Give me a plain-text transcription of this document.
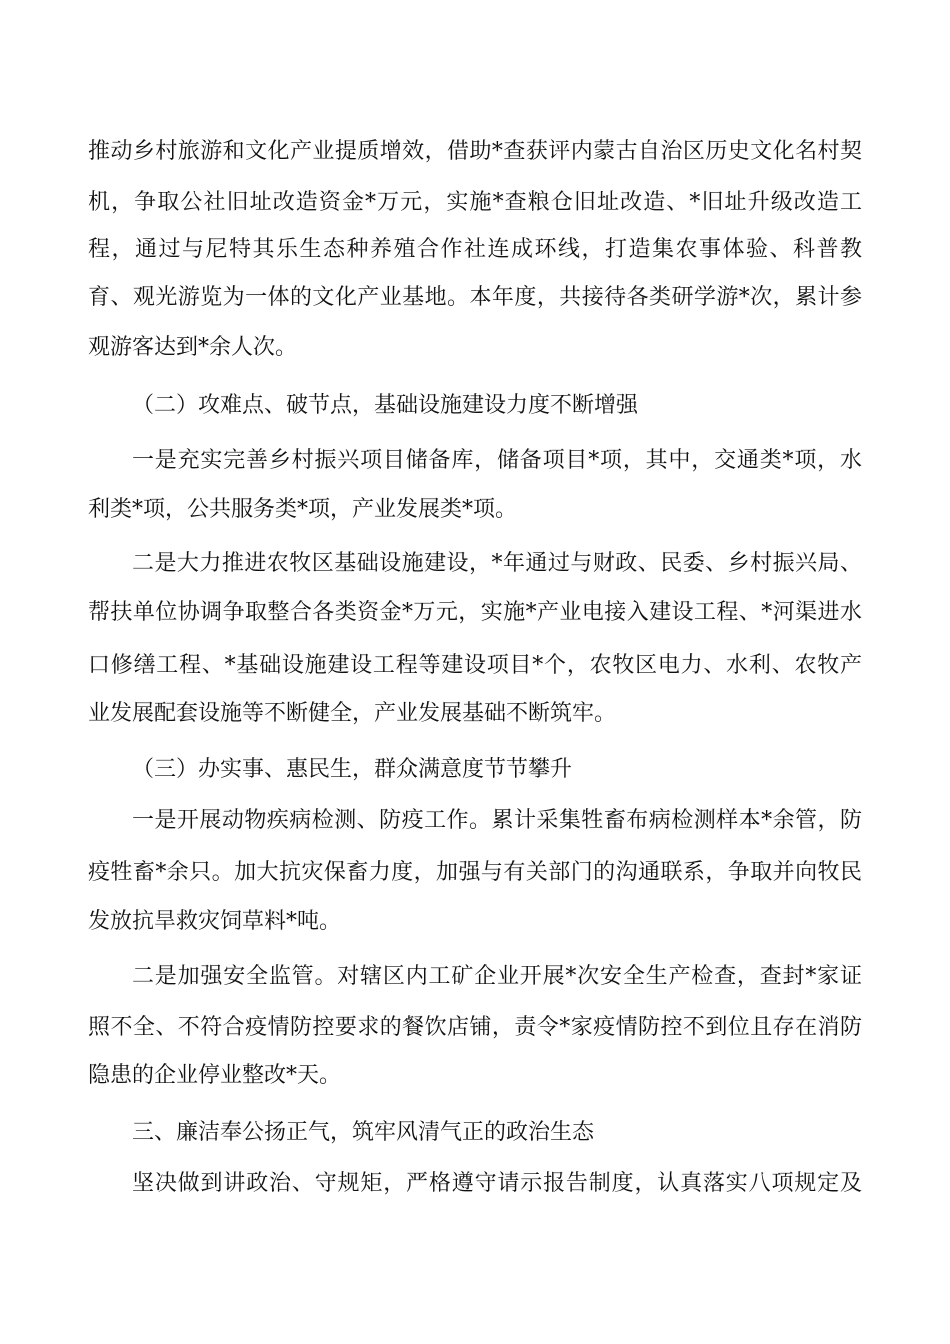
推动乡村旅游和文化产业提质增效，借助*查获评内蒙古自治区历史文化名村契
机，争取公社旧址改造资金*万元，实施*查粮仓旧址改造、*旧址升级改造工
程，通过与尼特其乐生态种养殖合作社连成环线，打造集农事体验、科普教
育、观光游览为一体的文化产业基地。本年度，共接待各类研学游*次，累计参
观游客达到*余人次。
（二）攻难点、破节点，基础设施建设力度不断增强
一是充实完善乡村振兴项目储备库，储备项目*项，其中，交通类*项，水
利类*项，公共服务类*项，产业发展类*项。
二是大力推进农牧区基础设施建设，*年通过与财政、民委、乡村振兴局、
帮扶单位协调争取整合各类资金*万元，实施*产业电接入建设工程、*河渠进水
口修缮工程、*基础设施建设工程等建设项目*个，农牧区电力、水利、农牧产
业发展配套设施等不断健全，产业发展基础不断筑牢。
（三）办实事、惠民生，群众满意度节节攀升
一是开展动物疾病检测、防疫工作。累计采集牲畜布病检测样本*余管，防
疫牲畜*余只。加大抗灾保畜力度，加强与有关部门的沟通联系，争取并向牧民
发放抗旱救灾饲草料*吨。
二是加强安全监管。对辖区内工矿企业开展*次安全生产检查，查封*家证
照不全、不符合疫情防控要求的餐饮店铺，责令*家疫情防控不到位且存在消防
隐患的企业停业整改*天。
三、廉洁奉公扬正气，筑牢风清气正的政治生态
坚决做到讲政治、守规矩，严格遵守请示报告制度，认真落实八项规定及
